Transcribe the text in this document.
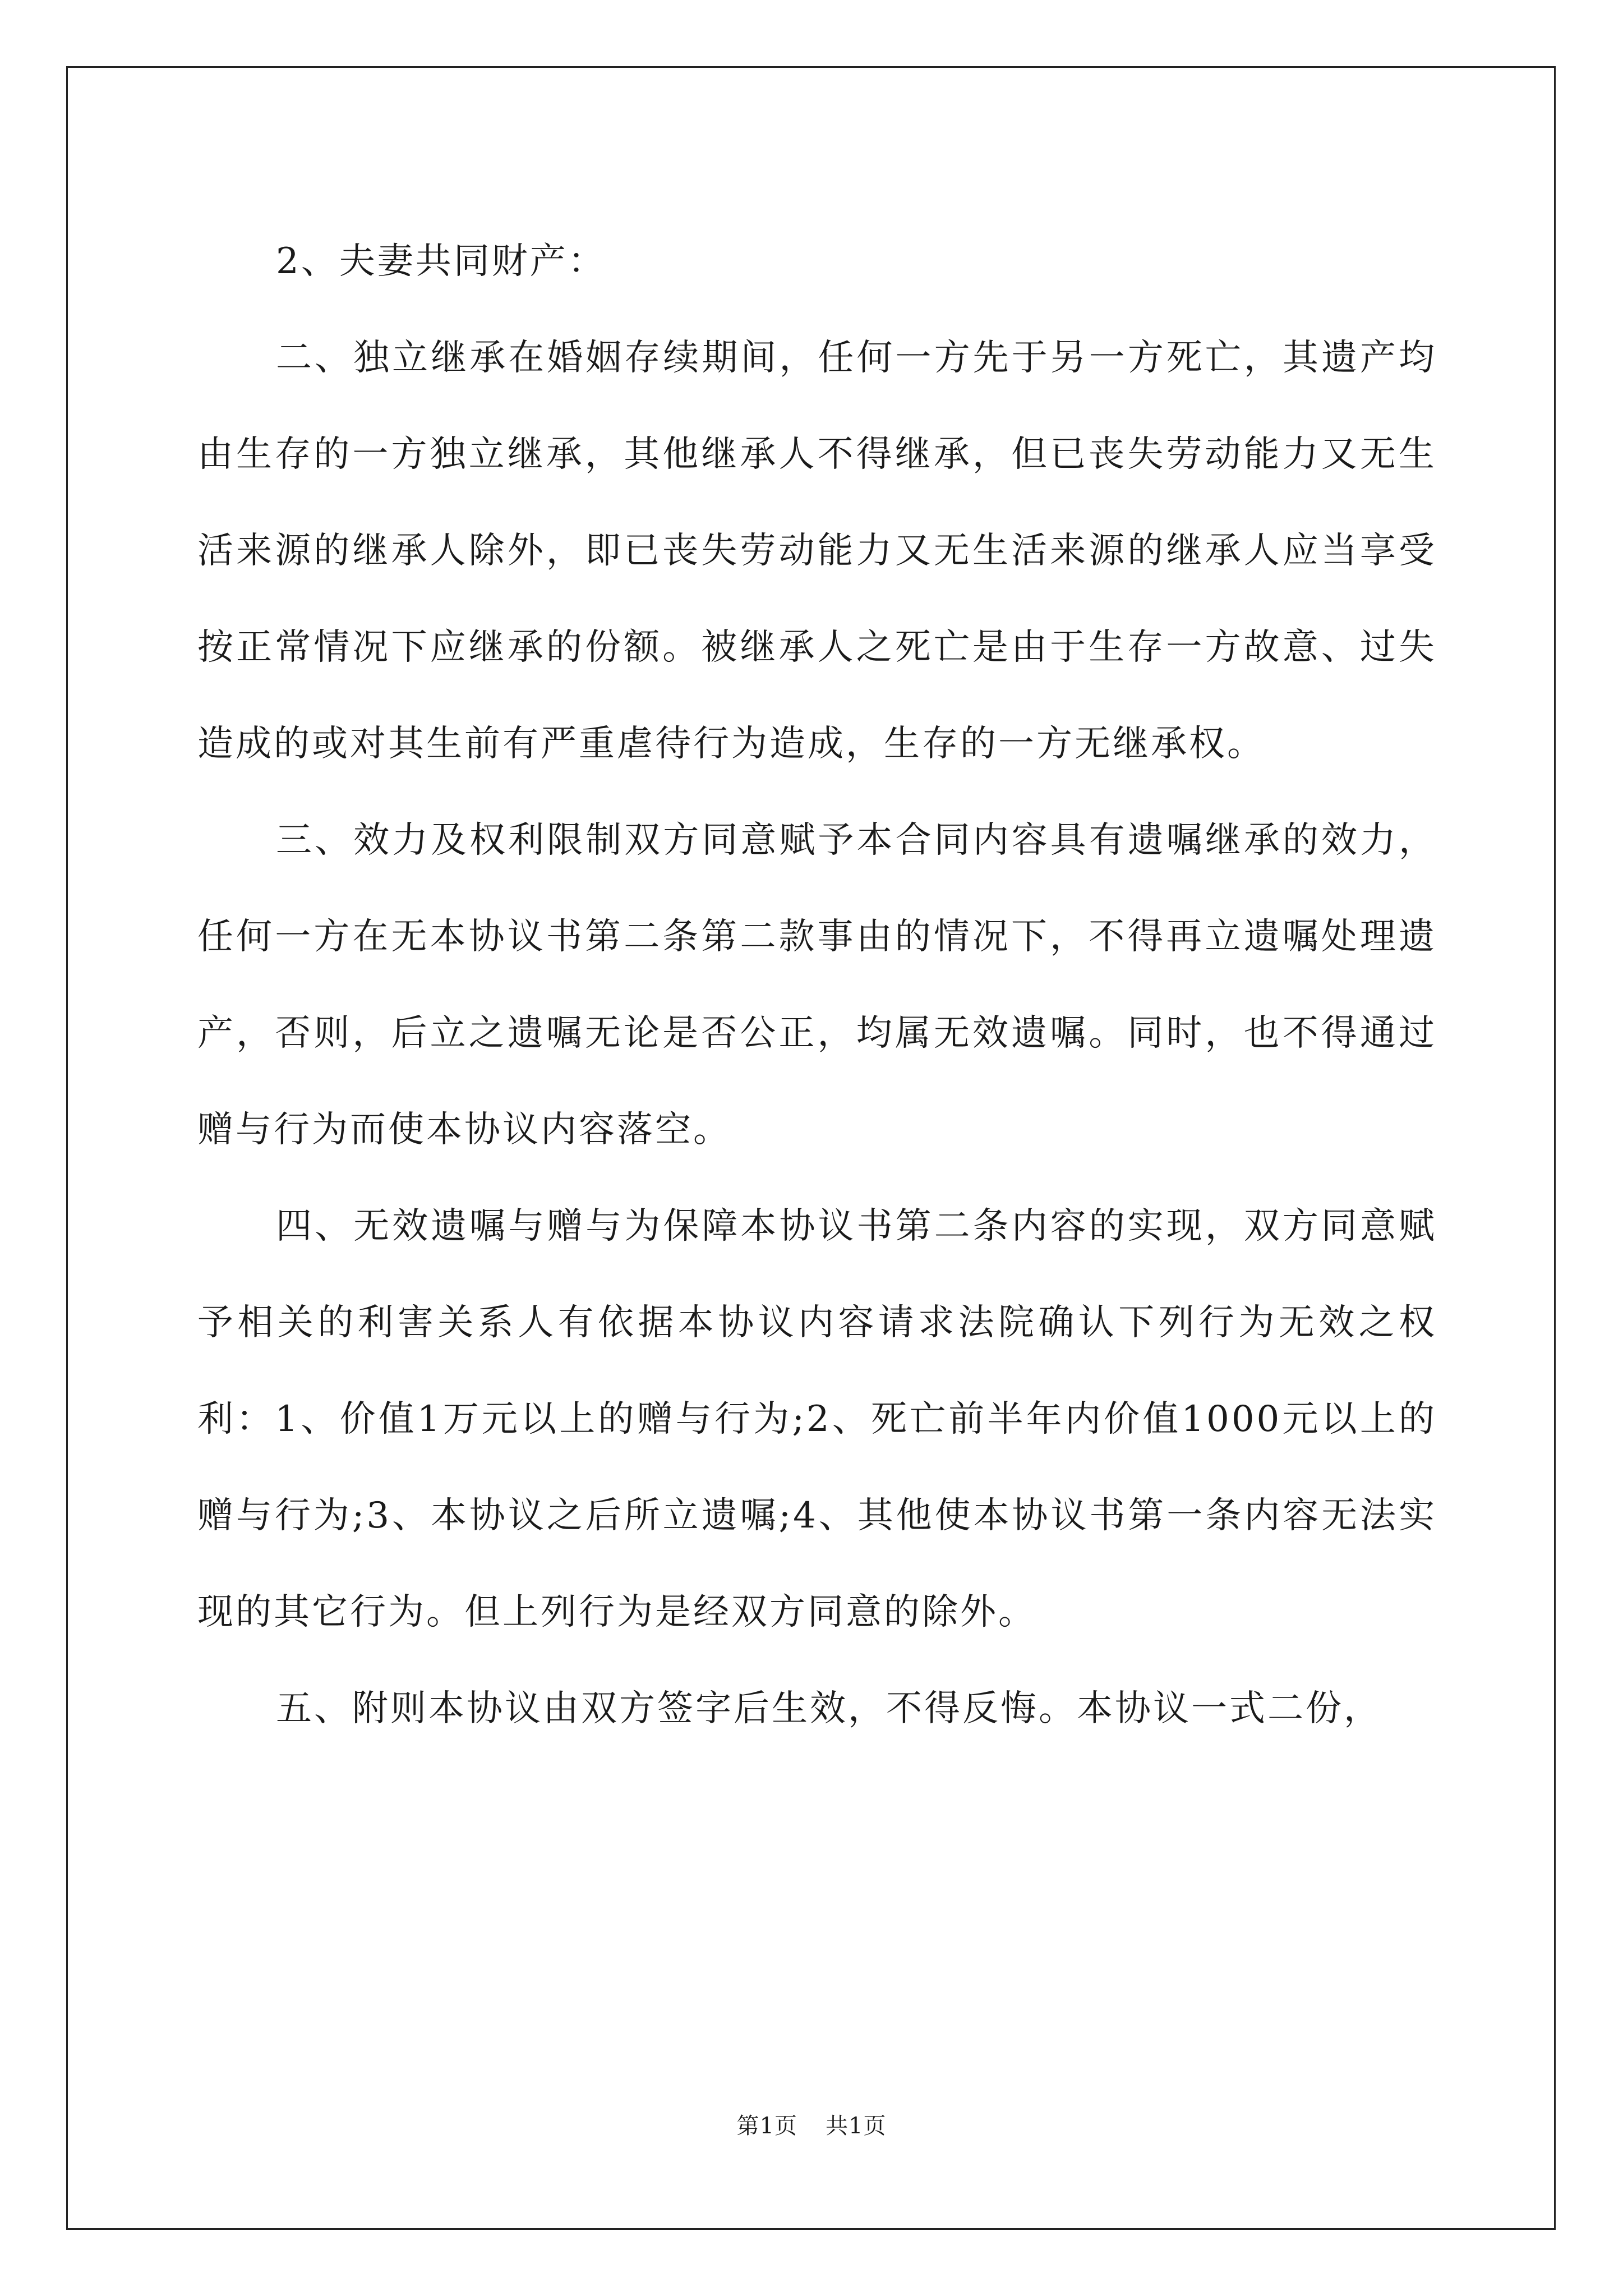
2、夫妻共同财产：

二、独立继承在婚姻存续期间，任何一方先于另一方死亡，其遗产均由生存的一方独立继承，其他继承人不得继承，但已丧失劳动能力又无生活来源的继承人除外，即已丧失劳动能力又无生活来源的继承人应当享受按正常情况下应继承的份额。被继承人之死亡是由于生存一方故意、过失造成的或对其生前有严重虐待行为造成，生存的一方无继承权。

三、效力及权利限制双方同意赋予本合同内容具有遗嘱继承的效力，任何一方在无本协议书第二条第二款事由的情况下，不得再立遗嘱处理遗产，否则，后立之遗嘱无论是否公正，均属无效遗嘱。同时，也不得通过赠与行为而使本协议内容落空。

四、无效遗嘱与赠与为保障本协议书第二条内容的实现，双方同意赋予相关的利害关系人有依据本协议内容请求法院确认下列行为无效之权利：1、价值1万元以上的赠与行为;2、死亡前半年内价值1000元以上的赠与行为;3、本协议之后所立遗嘱;4、其他使本协议书第一条内容无法实现的其它行为。但上列行为是经双方同意的除外。

五、附则本协议由双方签字后生效，不得反悔。本协议一式二份，

第1页 共1页
